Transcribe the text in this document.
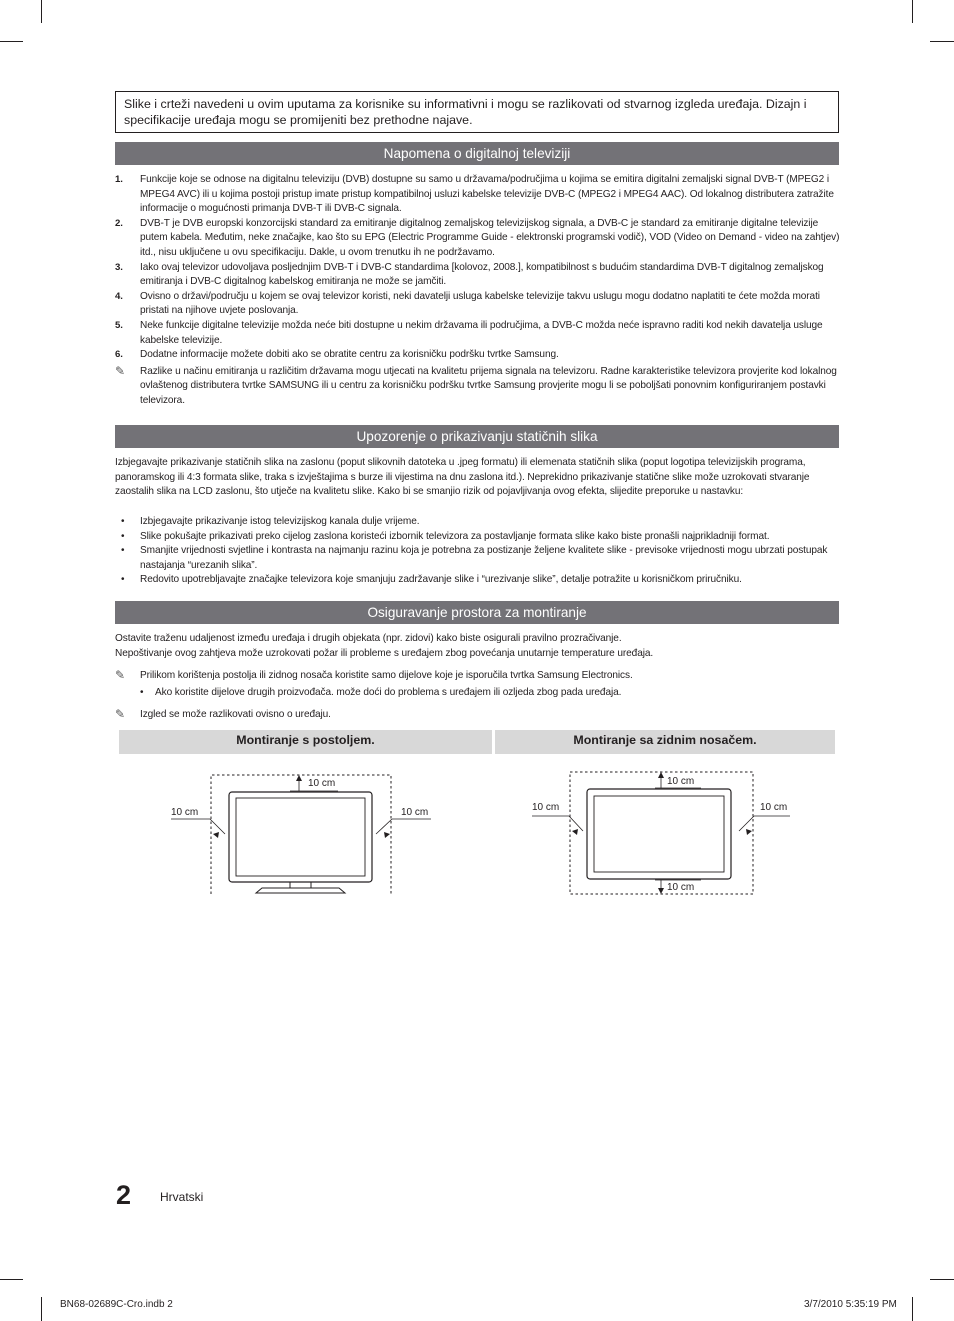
Slike i crteži navedeni u ovim uputama za korisnike su informativni i mogu se razlikovati od stvarnog izgleda uređaja. Dizajn i specifikacije uređaja mogu se promijeniti bez prethodne najave.
Napomena o digitalnoj televiziji
1. Funkcije koje se odnose na digitalnu televiziju (DVB) dostupne su samo u državama/područjima u kojima se emitira digitalni zemaljski signal DVB-T (MPEG2 i MPEG4 AVC) ili u kojima postoji pristup imate pristup kompatibilnoj usluzi kabelske televizije DVB-C (MPEG2 i MPEG4 AAC). Od lokalnog distributera zatražite informacije o mogućnosti primanja DVB-T ili DVB-C signala.
2. DVB-T je DVB europski konzorcijski standard za emitiranje digitalnog zemaljskog televizijskog signala, a DVB-C je standard za emitiranje digitalne televizije putem kabela. Međutim, neke značajke, kao što su EPG (Electric Programme Guide - elektronski programski vodič), VOD (Video on Demand - video na zahtjev) itd., nisu uključene u ovu specifikaciju. Dakle, u ovom trenutku ih ne podržavamo.
3. Iako ovaj televizor udovoljava posljednjim DVB-T i DVB-C standardima [kolovoz, 2008.], kompatibilnost s budućim standardima DVB-T digitalnog zemaljskog emitiranja i DVB-C digitalnog kabelskog emitiranja ne može se jamčiti.
4. Ovisno o državi/području u kojem se ovaj televizor koristi, neki davatelji usluga kabelske televizije takvu uslugu mogu dodatno naplatiti te ćete možda morati pristati na njihove uvjete poslovanja.
5. Neke funkcije digitalne televizije možda neće biti dostupne u nekim državama ili područjima, a DVB-C možda neće ispravno raditi kod nekih davatelja usluge kabelske televizije.
6. Dodatne informacije možete dobiti ako se obratite centru za korisničku podršku tvrtke Samsung.
✎ Razlike u načinu emitiranja u različitim državama mogu utjecati na kvalitetu prijema signala na televizoru. Radne karakteristike televizora provjerite kod lokalnog ovlaštenog distributera tvrtke SAMSUNG ili u centru za korisničku podršku tvrtke Samsung provjerite mogu li se poboljšati ponovnim konfiguriranjem postavki televizora.
Upozorenje o prikazivanju statičnih slika
Izbjegavajte prikazivanje statičnih slika na zaslonu (poput slikovnih datoteka u .jpeg formatu) ili elemenata statičnih slika (poput logotipa televizijskih programa, panoramskog ili 4:3 formata slike, traka s izvještajima s burze ili vijestima na dnu zaslona itd.). Neprekidno prikazivanje statične slike može uzrokovati stvaranje zaostalih slika na LCD zaslonu, što utječe na kvalitetu slike. Kako bi se smanjio rizik od pojavljivanja ovog efekta, slijedite preporuke u nastavku:
• Izbjegavajte prikazivanje istog televizijskog kanala dulje vrijeme.
• Slike pokušajte prikazivati preko cijelog zaslona koristeći izbornik televizora za postavljanje formata slike kako biste pronašli najprikladniji format.
• Smanjite vrijednosti svjetline i kontrasta na najmanju razinu koja je potrebna za postizanje željene kvalitete slike - previsoke vrijednosti mogu ubrzati postupak nastajanja “urezanih slika”.
• Redovito upotrebljavajte značajke televizora koje smanjuju zadržavanje slike i “urezivanje slike”, detalje potražite u korisničkom priručniku.
Osiguravanje prostora za montiranje
Ostavite traženu udaljenost između uređaja i drugih objekata (npr. zidovi) kako biste osigurali pravilno prozračivanje.
Nepoštivanje ovog zahtjeva može uzrokovati požar ili probleme s uređajem zbog povećanja unutarnje temperature uređaja.
✎ Prilikom korištenja postolja ili zidnog nosača koristite samo dijelove koje je isporučila tvrtka Samsung Electronics.
• Ako koristite dijelove drugih proizvođača. može doći do problema s uređajem ili ozljeda zbog pada uređaja.
✎ Izgled se može razlikovati ovisno o uređaju.
Montiranje s postoljem.	Montiranje sa zidnim nosačem.
10 cm
10 cm	10 cm
10 cm
10 cm	10 cm
10 cm
2 Hrvatski
BN68-02689C-Cro.indb 2	3/7/2010 5:35:19 PM
